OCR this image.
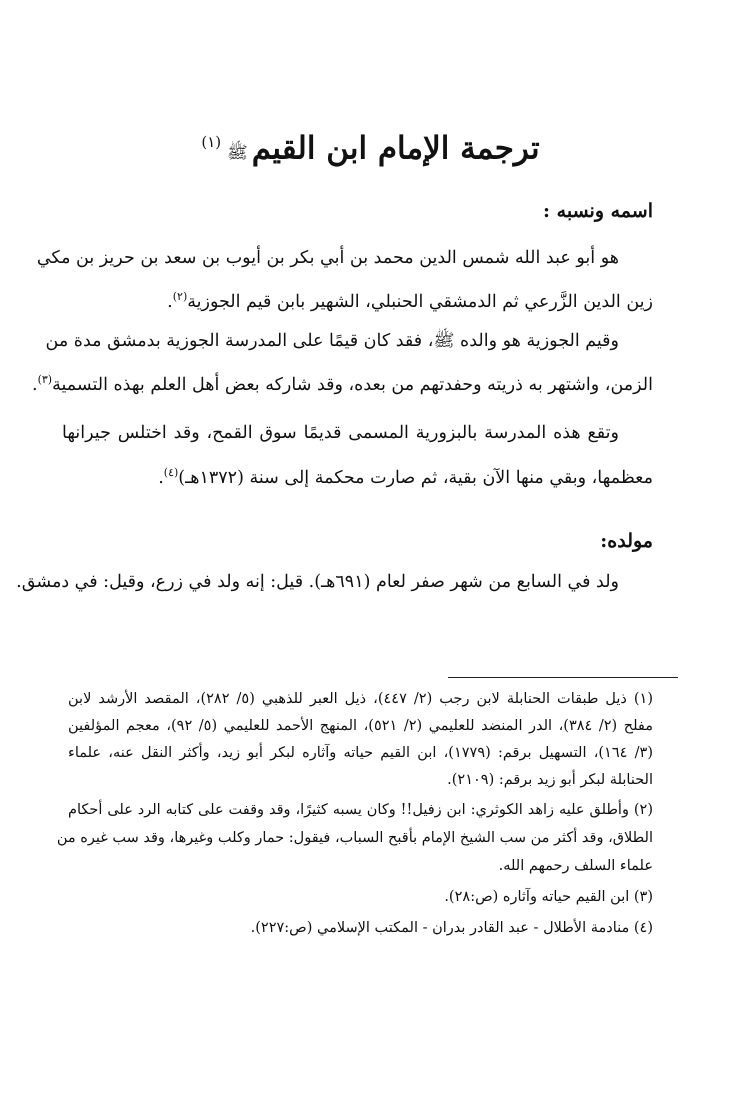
ترجمة الإمام ابن القيمﷺ$^{(١)}$
اسمه ونسبه :
هو أبو عبد الله شمس الدين محمد بن أبي بكر بن أيوب بن سعد بن حريز بن مكي
زين الدين الزَّرعي ثم الدمشقي الحنبلي، الشهير بابن قيم الجوزية$^{(٢)}$.
وقيم الجوزية هو والده ﷺ، فقد كان قيمًا على المدرسة الجوزية بدمشق مدة من
الزمن، واشتهر به ذريته وحفدتهم من بعده، وقد شاركه بعض أهل العلم بهذه التسمية$^{(٣)}$.
وتقع هذه المدرسة بالبزورية المسمى قديمًا سوق القمح، وقد اختلس جيرانها
معظمها، وبقي منها الآن بقية، ثم صارت محكمة إلى سنة (١٣٧٢هـ)$^{(٤)}$.
مولده:
ولد في السابع من شهر صفر لعام (٦٩١هـ). قيل: إنه ولد في زرع، وقيل: في دمشق.
(١) ذيل طبقات الحنابلة لابن رجب (٢/ ٤٤٧)، ذيل العبر للذهبي (٥/ ٢٨٢)، المقصد الأرشد لابن
مفلح (٢/ ٣٨٤)، الدر المنضد للعليمي (٢/ ٥٢١)، المنهج الأحمد للعليمي (٥/ ٩٢)، معجم المؤلفين
(٣/ ١٦٤)، التسهيل برقم: (١٧٧٩)، ابن القيم حياته وآثاره لبكر أبو زيد، وأكثر النقل عنه، علماء
الحنابلة لبكر أبو زيد برقم: (٢١٠٩).
(٢) وأطلق عليه زاهد الكوثري: ابن زفيل!! وكان يسبه كثيرًا، وقد وقفت على كتابه الرد على أحكام
الطلاق، وقد أكثر من سب الشيخ الإمام بأقبح السباب، فيقول: حمار وكلب وغيرها، وقد سب غيره من
علماء السلف رحمهم الله.
(٣) ابن القيم حياته وآثاره (ص:٢٨).
(٤) منادمة الأطلال - عبد القادر بدران - المكتب الإسلامي (ص:٢٢٧).
